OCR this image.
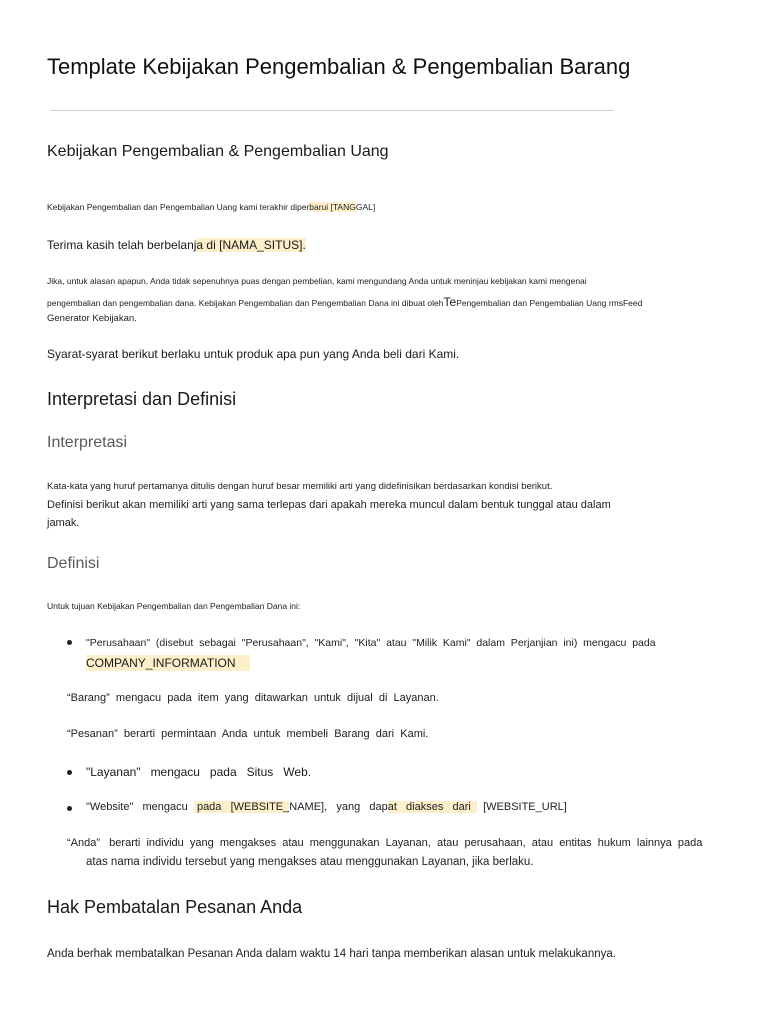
Template Kebijakan Pengembalian & Pengembalian Barang
Kebijakan Pengembalian & Pengembalian Uang
Kebijakan Pengembalian dan Pengembalian Uang kami terakhir diperbarui [TANGGAL]
Terima kasih telah berbelanja di [NAMA_SITUS].
Jika, untuk alasan apapun, Anda tidak sepenuhnya puas dengan pembelian, kami mengundang Anda untuk meninjau kebijakan kami mengenai
pengembalian dan pengembalian dana. Kebijakan Pengembalian dan Pengembalian Dana ini dibuat olehTePengembalian dan Pengembalian Uang rmsFeed
Generator Kebijakan.
Syarat-syarat berikut berlaku untuk produk apa pun yang Anda beli dari Kami.
Interpretasi dan Definisi
Interpretasi
Kata-kata yang huruf pertamanya ditulis dengan huruf besar memiliki arti yang didefinisikan berdasarkan kondisi berikut.
Definisi berikut akan memiliki arti yang sama terlepas dari apakah mereka muncul dalam bentuk tunggal atau dalam
jamak.
Definisi
Untuk tujuan Kebijakan Pengembalian dan Pengembalian Dana ini:
"Perusahaan"  (disebut  sebagai  "Perusahaan",  "Kami",  "Kita"  atau  "Milik  Kami"  dalam  Perjanjian  ini)  mengacu  pada
COMPANY_INFORMATION
“Barang”  mengacu  pada  item  yang  ditawarkan  untuk  dijual  di  Layanan.
“Pesanan”  berarti  permintaan  Anda  untuk  membeli  Barang  dari  Kami.
"Layanan"   mengacu   pada   Situs   Web.
"Website"   mengacu   pada   [WEBSITE_NAME],   yang   dapat   diakses   dari    [WEBSITE_URL]
“Anda”   berarti  individu  yang  mengakses  atau  menggunakan  Layanan,  atau  perusahaan,  atau  entitas  hukum  lainnya  pada
atas nama individu tersebut yang mengakses atau menggunakan Layanan, jika berlaku.
Hak Pembatalan Pesanan Anda
Anda berhak membatalkan Pesanan Anda dalam waktu 14 hari tanpa memberikan alasan untuk melakukannya.
